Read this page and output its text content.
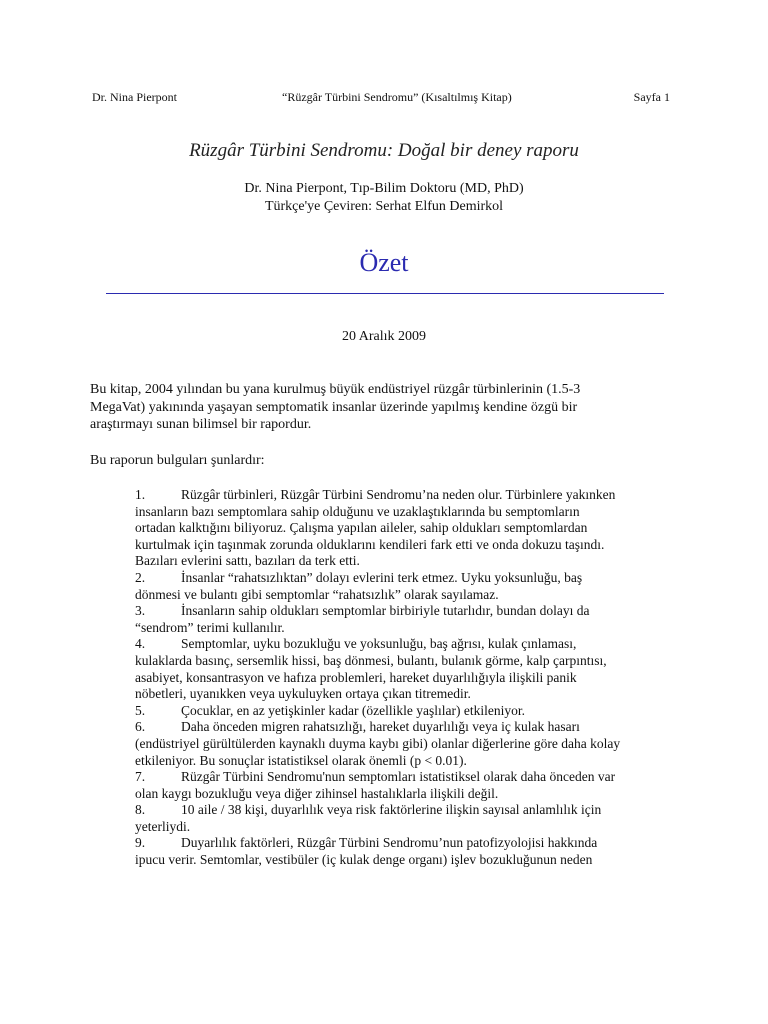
Dr. Nina Pierpont	“Rüzgâr Türbini Sendromu” (Kısaltılmış Kitap)	Sayfa 1
Rüzgâr Türbini Sendromu: Doğal bir deney raporu
Dr. Nina Pierpont, Tıp-Bilim Doktoru (MD, PhD)
Türkçe'ye Çeviren: Serhat Elfun Demirkol
Özet
20 Aralık 2009
Bu kitap, 2004 yılından bu yana kurulmuş büyük endüstriyel rüzgâr türbinlerinin (1.5-3
MegaVat) yakınında yaşayan semptomatik insanlar üzerinde yapılmış kendine özgü bir
araştırmayı sunan bilimsel bir rapordur.
Bu raporun bulguları şunlardır:
1.	Rüzgâr türbinleri, Rüzgâr Türbini Sendromu’na neden olur. Türbinlere yakınken
insanların bazı semptomlara sahip olduğunu ve uzaklaştıklarında bu semptomların
ortadan kalktığını biliyoruz. Çalışma yapılan aileler, sahip oldukları semptomlardan
kurtulmak için taşınmak zorunda olduklarını kendileri fark etti ve onda dokuzu taşındı.
Bazıları evlerini sattı, bazıları da terk etti.
2.	İnsanlar “rahatsızlıktan” dolayı evlerini terk etmez. Uyku yoksunluğu, baş
dönmesi ve bulantı gibi semptomlar “rahatsızlık” olarak sayılamaz.
3.	İnsanların sahip oldukları semptomlar birbiriyle tutarlıdır, bundan dolayı da
“sendrom” terimi kullanılır.
4.	Semptomlar, uyku bozukluğu ve yoksunluğu, baş ağrısı, kulak çınlaması,
kulaklarda basınç, sersemlik hissi, baş dönmesi, bulantı, bulanık görme, kalp çarpıntısı,
asabiyet, konsantrasyon ve hafıza problemleri, hareket duyarlılığıyla ilişkili panik
nöbetleri, uyanıkken veya uykuluyken ortaya çıkan titremedir.
5.	Çocuklar, en az yetişkinler kadar (özellikle yaşlılar) etkileniyor.
6.	Daha önceden migren rahatsızlığı, hareket duyarlılığı veya iç kulak hasarı
(endüstriyel gürültülerden kaynaklı duyma kaybı gibi) olanlar diğerlerine göre daha kolay
etkileniyor. Bu sonuçlar istatistiksel olarak önemli (p < 0.01).
7.	Rüzgâr Türbini Sendromu'nun semptomları istatistiksel olarak daha önceden var
olan kaygı bozukluğu veya diğer zihinsel hastalıklarla ilişkili değil.
8.	10 aile / 38 kişi, duyarlılık veya risk faktörlerine ilişkin sayısal anlamlılık için
yeterliydi.
9.	Duyarlılık faktörleri, Rüzgâr Türbini Sendromu’nun patofizyolojisi hakkında
ipucu verir. Semtomlar, vestibüler (iç kulak denge organı) işlev bozukluğunun neden
